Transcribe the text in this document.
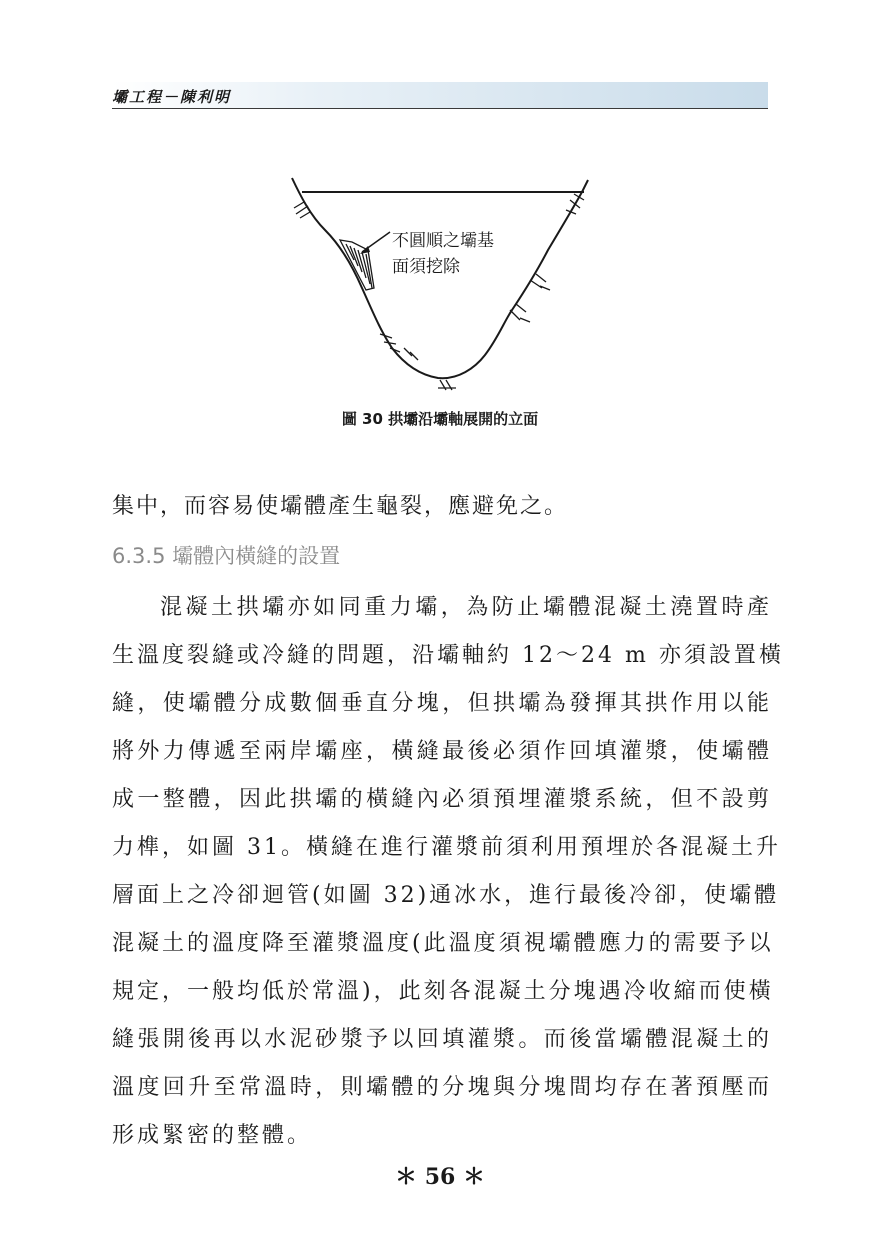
壩工程－陳利明
不圓順之壩基
面須挖除
圖 30 拱壩沿壩軸展開的立面
集中，而容易使壩體產生龜裂，應避免之。
6.3.5 壩體內橫縫的設置
混凝土拱壩亦如同重力壩，為防止壩體混凝土澆置時產
生溫度裂縫或冷縫的問題，沿壩軸約 12～24 m 亦須設置橫
縫，使壩體分成數個垂直分塊，但拱壩為發揮其拱作用以能
將外力傳遞至兩岸壩座，橫縫最後必須作回填灌漿，使壩體
成一整體，因此拱壩的橫縫內必須預埋灌漿系統，但不設剪
力榫，如圖 31。橫縫在進行灌漿前須利用預埋於各混凝土升
層面上之冷卻迴管(如圖 32)通冰水，進行最後冷卻，使壩體
混凝土的溫度降至灌漿溫度(此溫度須視壩體應力的需要予以
規定，一般均低於常溫)，此刻各混凝土分塊遇冷收縮而使橫
縫張開後再以水泥砂漿予以回填灌漿。而後當壩體混凝土的
溫度回升至常溫時，則壩體的分塊與分塊間均存在著預壓而
形成緊密的整體。
＊ 56 ＊
